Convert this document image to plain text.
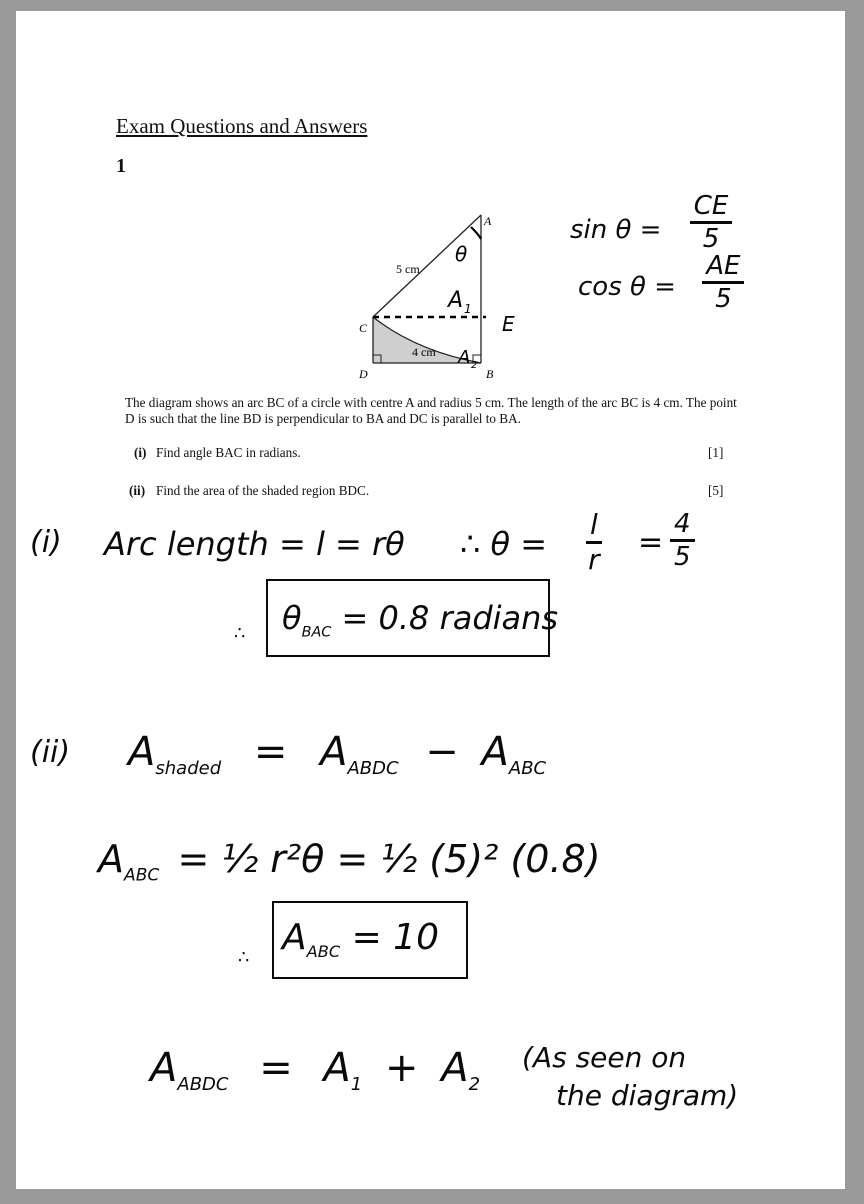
Exam Questions and Answers
1
A
B
C
D
E
5 cm
4 cm
θ
A 1
A 2
$\sin \theta = \frac{CE}{5}$
$\cos \theta = \frac{AE}{5}$
The diagram shows an arc BC of a circle with centre A and radius 5 cm. The length of the arc BC is 4 cm. The point D is such that the line BD is perpendicular to BA and DC is parallel to BA.
(i) Find angle BAC in radians.	[1]
(ii) Find the area of the shaded region BDC.	[5]
(i) Arc length = l = rθ ∴ $\theta = \frac{l}{r} = \frac{4}{5}$
∴	$\theta_{BAC} = 0.8$ radians
(ii) $A_{shaded} = A_{ABDC} - A_{ABC}$
$A_{ABC}$ = ½ r²θ = ½ (5)² (0.8)
∴ $A_{ABC} = 10$
$A_{ABDC} = A_1 + A_2$
(As seen on
the diagram)
